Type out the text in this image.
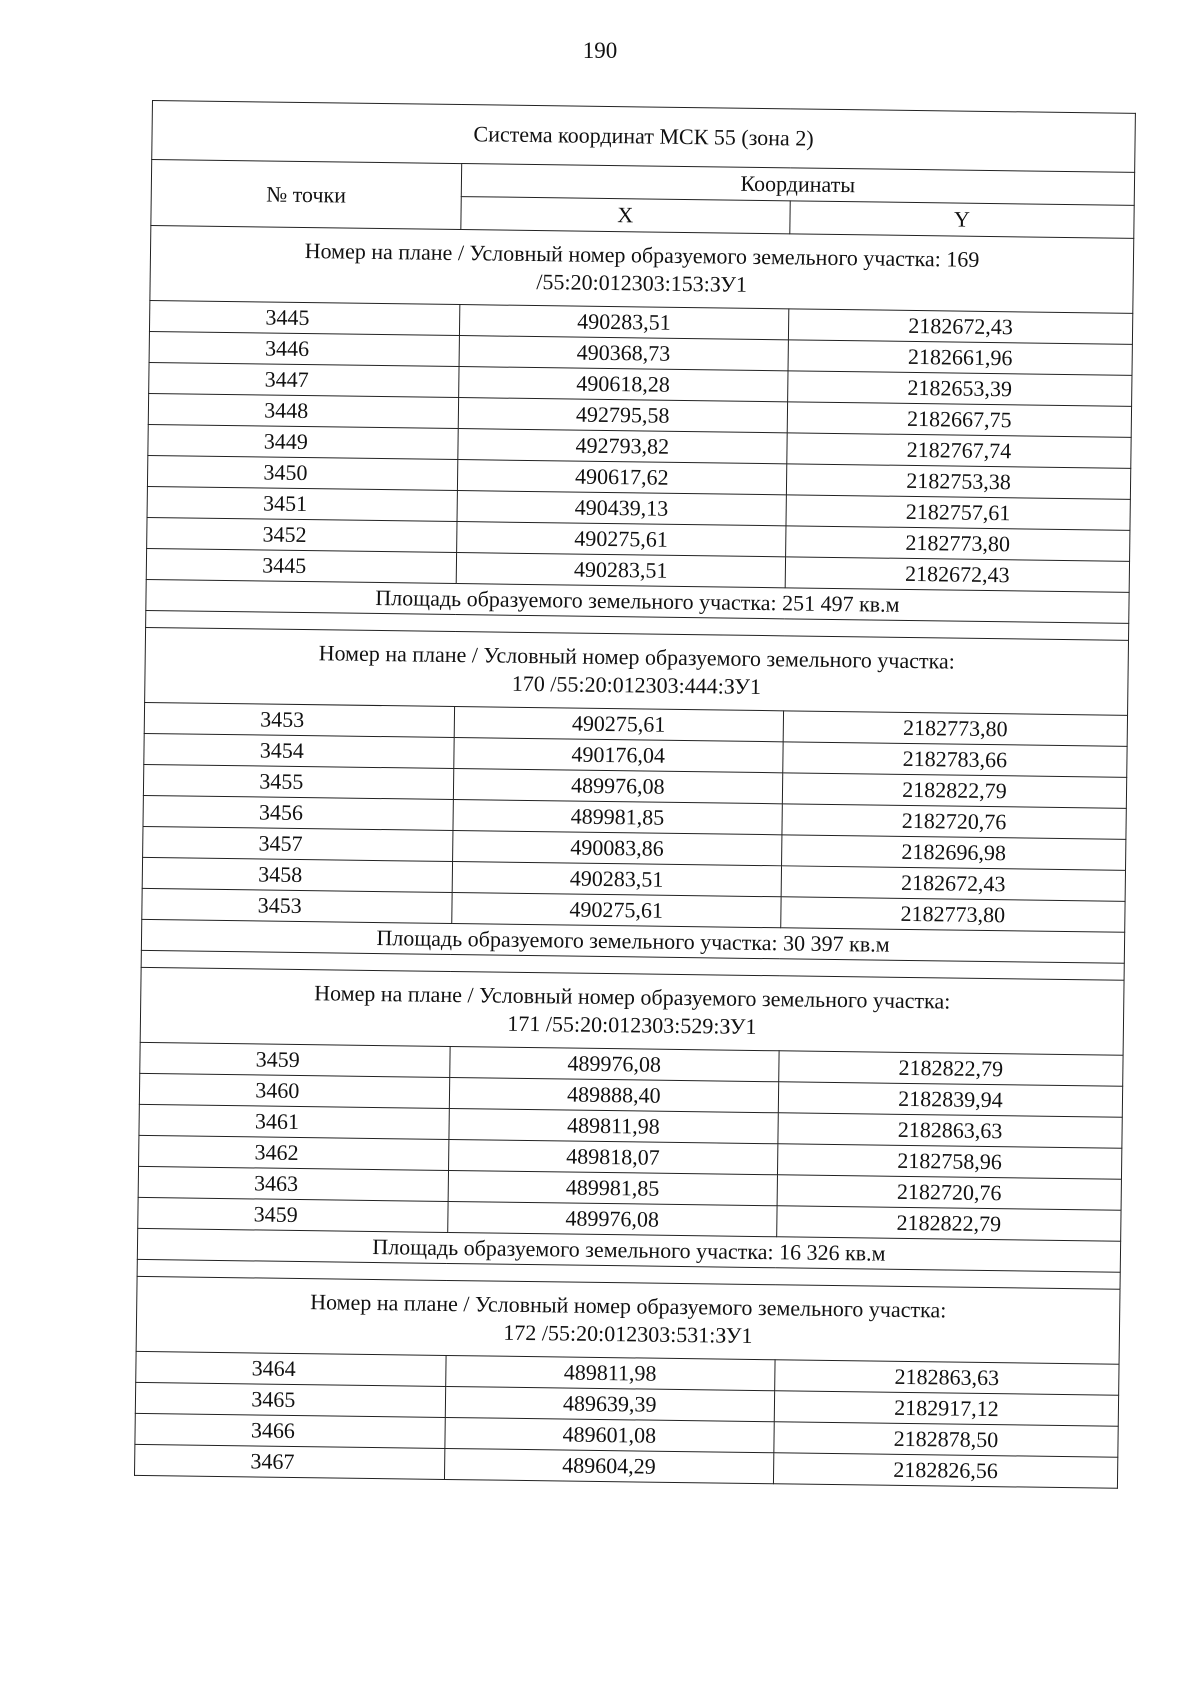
190
Система координат МСК 55 (зона 2)		
№ точки	Координаты	
	X	Y

Номер на плане / Условный номер образуемого земельного участка: 169
/55:20:012303:153:ЗУ1		

3445	490283,51	2182672,43
3446	490368,73	2182661,96
3447	490618,28	2182653,39
3448	492795,58	2182667,75
3449	492793,82	2182767,74
3450	490617,62	2182753,38
3451	490439,13	2182757,61
3452	490275,61	2182773,80
3445	490283,51	2182672,43
Площадь образуемого земельного участка: 251 497 кв.м		

Номер на плане / Условный номер образуемого земельного участка:
170 /55:20:012303:444:ЗУ1		

3453	490275,61	2182773,80
3454	490176,04	2182783,66
3455	489976,08	2182822,79
3456	489981,85	2182720,76
3457	490083,86	2182696,98
3458	490283,51	2182672,43
3453	490275,61	2182773,80
Площадь образуемого земельного участка: 30 397 кв.м		

Номер на плане / Условный номер образуемого земельного участка:
171 /55:20:012303:529:ЗУ1		

3459	489976,08	2182822,79
3460	489888,40	2182839,94
3461	489811,98	2182863,63
3462	489818,07	2182758,96
3463	489981,85	2182720,76
3459	489976,08	2182822,79
Площадь образуемого земельного участка: 16 326 кв.м		

Номер на плане / Условный номер образуемого земельного участка:
172 /55:20:012303:531:ЗУ1		

3464	489811,98	2182863,63
3465	489639,39	2182917,12
3466	489601,08	2182878,50
3467	489604,29	2182826,56
